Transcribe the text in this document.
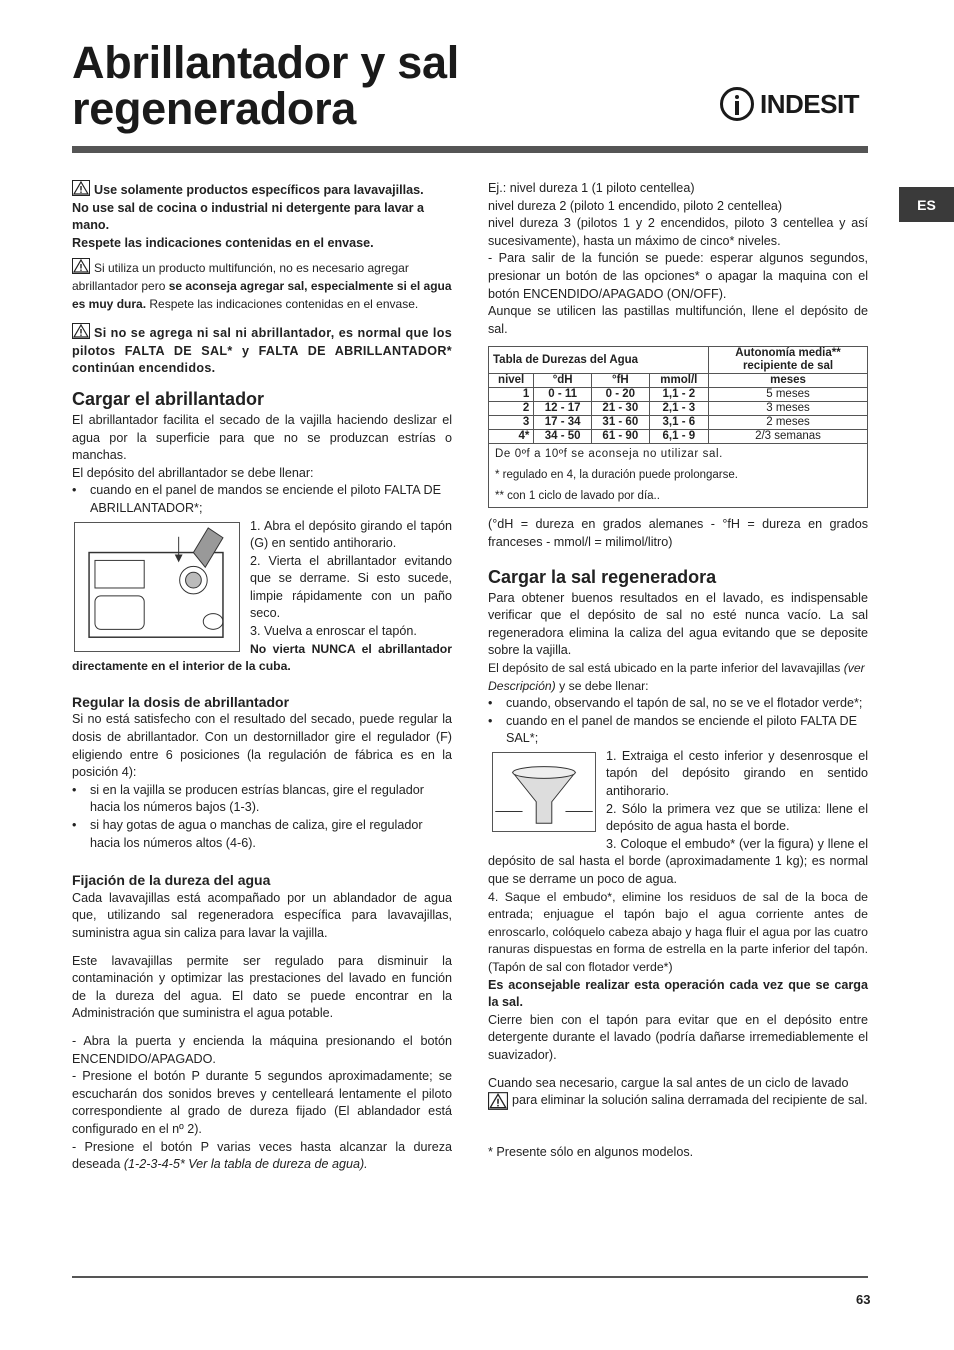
Abrillantador y sal
regeneradora	INDESIT
ES

Use solamente productos específicos para lavavajillas.

No use sal de cocina o industrial ni detergente para lavar a mano.

Respete las indicaciones contenidas en el envase.

Si utiliza un producto multifunción, no es necesario agregar abrillantador pero se aconseja agregar sal, especialmente si el agua es muy dura. Respete las indicaciones contenidas en el envase.

Si no se agrega ni sal ni abrillantador, es normal que los pilotos FALTA DE SAL* y FALTA DE ABRILLANTADOR* continúan encendidos.

Cargar el abrillantador

El abrillantador facilita el secado de la vajilla haciendo deslizar el agua por la superficie para que no se produzcan estrías o manchas.

El depósito del abrillantador se debe llenar:

•	cuando en el panel de mandos se enciende el piloto FALTA DE ABRILLANTADOR*;

1. Abra el depósito girando el tapón (G) en sentido antihorario.

2. Vierta el abrillantador evitando que se derrame. Si esto sucede, limpie rápidamente con un paño seco.

3. Vuelva a enroscar el tapón.

No vierta NUNCA el abrillantador directamente en el interior de la cuba.

Regular la dosis de abrillantador

Si no está satisfecho con el resultado del secado, puede regular la dosis de abrillantador. Con un destornillador gire el regulador (F) eligiendo entre 6 posiciones (la regulación de fábrica es en la posición 4):

•	si en la vajilla se producen estrías blancas, gire el regulador hacia los números bajos (1-3).
•	si hay gotas de agua o manchas de caliza, gire el regulador hacia los números altos (4-6).
Fijación de la dureza del agua

Cada lavavajillas está acompañado por un ablandador de agua que, utilizando sal regeneradora específica para lavavajillas, suministra agua sin caliza para lavar la vajilla.

Este lavavajillas permite ser regulado para disminuir la contaminación y optimizar las prestaciones del lavado en función de la dureza del agua. El dato se puede encontrar en la Administración que suministra el agua potable.

- Abra la puerta y encienda la máquina presionando el botón ENCENDIDO/APAGADO.

- Presione el botón P durante 5 segundos aproximadamente; se escucharán dos sonidos breves y centelleará lentamente el piloto correspondiente al grado de dureza fijado (El ablandador está configurado en el nº 2).

- Presione el botón P varias veces hasta alcanzar la dureza deseada (1-2-3-4-5* Ver la tabla de dureza de agua).

Ej.: nivel dureza 1 (1 piloto centellea)

nivel dureza 2 (piloto 1 encendido, piloto 2 centellea)

nivel dureza 3 (pilotos 1 y 2 encendidos, piloto 3 centellea y así sucesivamente), hasta un máximo de cinco* niveles.

- Para salir de la función se puede: esperar algunos segundos, presionar un botón de las opciones* o apagar la maquina con el botón ENCENDIDO/APAGADO (ON/OFF).

Aunque se utilicen las pastillas multifunción, llene el depósito de sal.

Tabla de Durezas del Agua				Autonomía media** recipiente de sal
nivel	°dH	°fH	mmol/l	meses
1	0 - 11	0 - 20	1,1 - 2	5 meses
2	12 - 17	21 - 30	2,1 - 3	3 meses
3	17 - 34	31 - 60	3,1 - 6	2 meses
4*	34 - 50	61 - 90	6,1 - 9	2/3 semanas
De 0ºf a 10ºf se aconseja no utilizar sal.				
* regulado en 4, la duración puede prolongarse.				
** con 1 ciclo de lavado por día..				

(°dH = dureza en grados alemanes - °fH = dureza en grados franceses - mmol/l = milimol/litro)

Cargar la sal regeneradora

Para obtener buenos resultados en el lavado, es indispensable verificar que el depósito de sal no esté nunca vacío. La sal regeneradora elimina la caliza del agua evitando que se deposite sobre la vajilla.

El depósito de sal está ubicado en la parte inferior del lavavajillas (ver Descripción) y se debe llenar:

•	cuando, observando el tapón de sal, no se ve el flotador verde*;
•	cuando en el panel de mandos se enciende el piloto FALTA DE SAL*;

1. Extraiga el cesto inferior y desenrosque el tapón del depósito girando en sentido antihorario.

2. Sólo la primera vez que se utiliza: llene el depósito de agua hasta el borde.

3. Coloque el embudo* (ver la figura) y llene el depósito de sal hasta el borde (aproximadamente 1 kg); es normal que se derrame un poco de agua.

4. Saque el embudo*, elimine los residuos de sal de la boca de entrada; enjuague el tapón bajo el agua corriente antes de enroscarlo, colóquelo cabeza abajo y haga fluir el agua por las cuatro ranuras dispuestas en forma de estrella en la parte inferior del tapón. (Tapón de sal con flotador verde*)

Es aconsejable realizar esta operación cada vez que se carga la sal.

Cierre bien con el tapón para evitar que en el depósito entre detergente durante el lavado (podría dañarse irremediablemente el suavizador).

Cuando sea necesario, cargue la sal antes de un ciclo de lavado

para eliminar la solución salina derramada del recipiente de sal.

* Presente sólo en algunos modelos.

63
